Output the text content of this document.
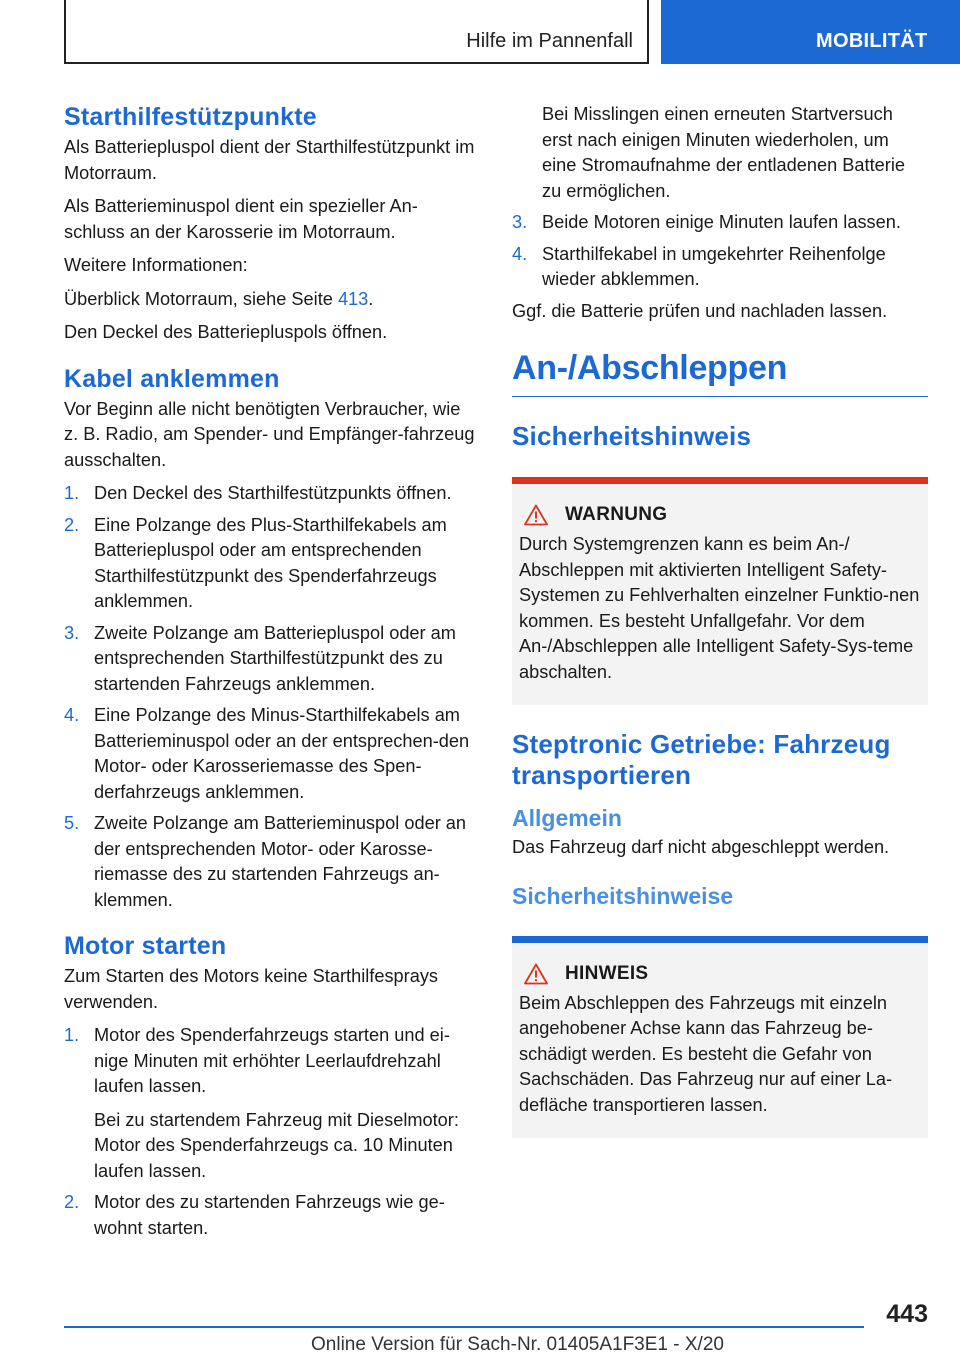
Hilfe im Pannenfall	MOBILITÄT
Starthilfestützpunkte

Als Batteriepluspol dient der Starthilfestützpunkt im Motorraum.

Als Batterieminuspol dient ein spezieller An-schluss an der Karosserie im Motorraum.

Weitere Informationen:

Überblick Motorraum, siehe Seite 413.

Den Deckel des Batteriepluspols öffnen.

Kabel anklemmen

Vor Beginn alle nicht benötigten Verbraucher, wie z. B. Radio, am Spender- und Empfänger-fahrzeug ausschalten.

1. Den Deckel des Starthilfestützpunkts öffnen.
2. Eine Polzange des Plus-Starthilfekabels am Batteriepluspol oder am entsprechenden Starthilfestützpunkt des Spenderfahrzeugs anklemmen.
3. Zweite Polzange am Batteriepluspol oder am entsprechenden Starthilfestützpunkt des zu startenden Fahrzeugs anklemmen.
4. Eine Polzange des Minus-Starthilfekabels am Batterieminuspol oder an der entsprechen-den Motor- oder Karosseriemasse des Spen-derfahrzeugs anklemmen.
5. Zweite Polzange am Batterieminuspol oder an der entsprechenden Motor- oder Karosse-riemasse des zu startenden Fahrzeugs an-klemmen.
Motor starten

Zum Starten des Motors keine Starthilfesprays verwenden.

1. Motor des Spenderfahrzeugs starten und ei-nige Minuten mit erhöhter Leerlaufdrehzahl laufen lassen.
Bei zu startendem Fahrzeug mit Dieselmotor: Motor des Spenderfahrzeugs ca. 10 Minuten laufen lassen.
2. Motor des zu startenden Fahrzeugs wie ge-wohnt starten.
Bei Misslingen einen erneuten Startversuch erst nach einigen Minuten wiederholen, um eine Stromaufnahme der entladenen Batterie zu ermöglichen.
3. Beide Motoren einige Minuten laufen lassen.
4. Starthilfekabel in umgekehrter Reihenfolge wieder abklemmen.

Ggf. die Batterie prüfen und nachladen lassen.

An-/Abschleppen
Sicherheitshinweis
WARNUNG

Durch Systemgrenzen kann es beim An-/ Abschleppen mit aktivierten Intelligent Safety-Systemen zu Fehlverhalten einzelner Funktio-nen kommen. Es besteht Unfallgefahr. Vor dem An-/Abschleppen alle Intelligent Safety-Sys-teme abschalten.

Steptronic Getriebe: Fahrzeug transportieren
Allgemein

Das Fahrzeug darf nicht abgeschleppt werden.

Sicherheitshinweise
HINWEIS

Beim Abschleppen des Fahrzeugs mit einzeln angehobener Achse kann das Fahrzeug be-schädigt werden. Es besteht die Gefahr von Sachschäden. Das Fahrzeug nur auf einer La-defläche transportieren lassen.

443
Online Version für Sach-Nr. 01405A1F3E1 - X/20
